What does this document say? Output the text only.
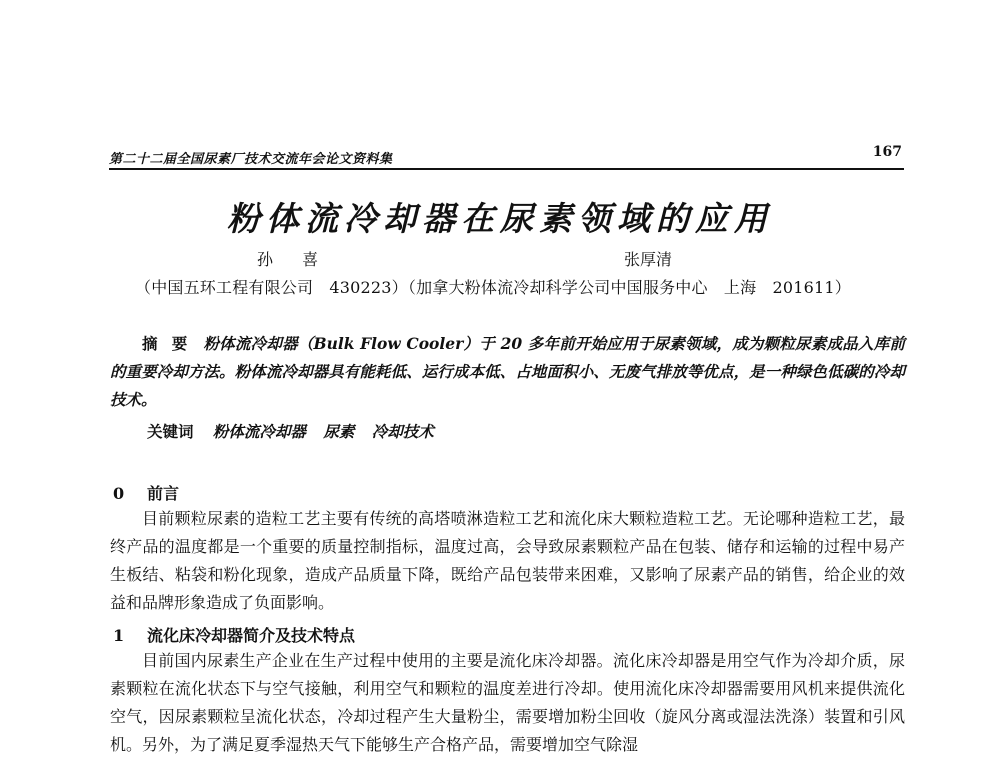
第二十二届全国尿素厂技术交流年会论文资料集	167
粉体流冷却器在尿素领域的应用
孙 喜	张厚清
（中国五环工程有限公司　430223）（加拿大粉体流冷却科学公司中国服务中心　上海　201611）
摘要 粉体流冷却器（Bulk Flow Cooler）于 20 多年前开始应用于尿素领域，成为颗粒尿素成品入库前的重要冷却方法。粉体流冷却器具有能耗低、运行成本低、占地面积小、无废气排放等优点，是一种绿色低碳的冷却技术。
关键词 粉体流冷却器 尿素 冷却技术
0 前言
目前颗粒尿素的造粒工艺主要有传统的高塔喷淋造粒工艺和流化床大颗粒造粒工艺。无论哪种造粒工艺，最终产品的温度都是一个重要的质量控制指标，温度过高，会导致尿素颗粒产品在包装、储存和运输的过程中易产生板结、粘袋和粉化现象，造成产品质量下降，既给产品包装带来困难，又影响了尿素产品的销售，给企业的效益和品牌形象造成了负面影响。
1 流化床冷却器简介及技术特点
目前国内尿素生产企业在生产过程中使用的主要是流化床冷却器。流化床冷却器是用空气作为冷却介质，尿素颗粒在流化状态下与空气接触，利用空气和颗粒的温度差进行冷却。使用流化床冷却器需要用风机来提供流化空气，因尿素颗粒呈流化状态，冷却过程产生大量粉尘，需要增加粉尘回收（旋风分离或湿法洗涤）装置和引风机。另外，为了满足夏季湿热天气下能够生产合格产品，需要增加空气除湿
